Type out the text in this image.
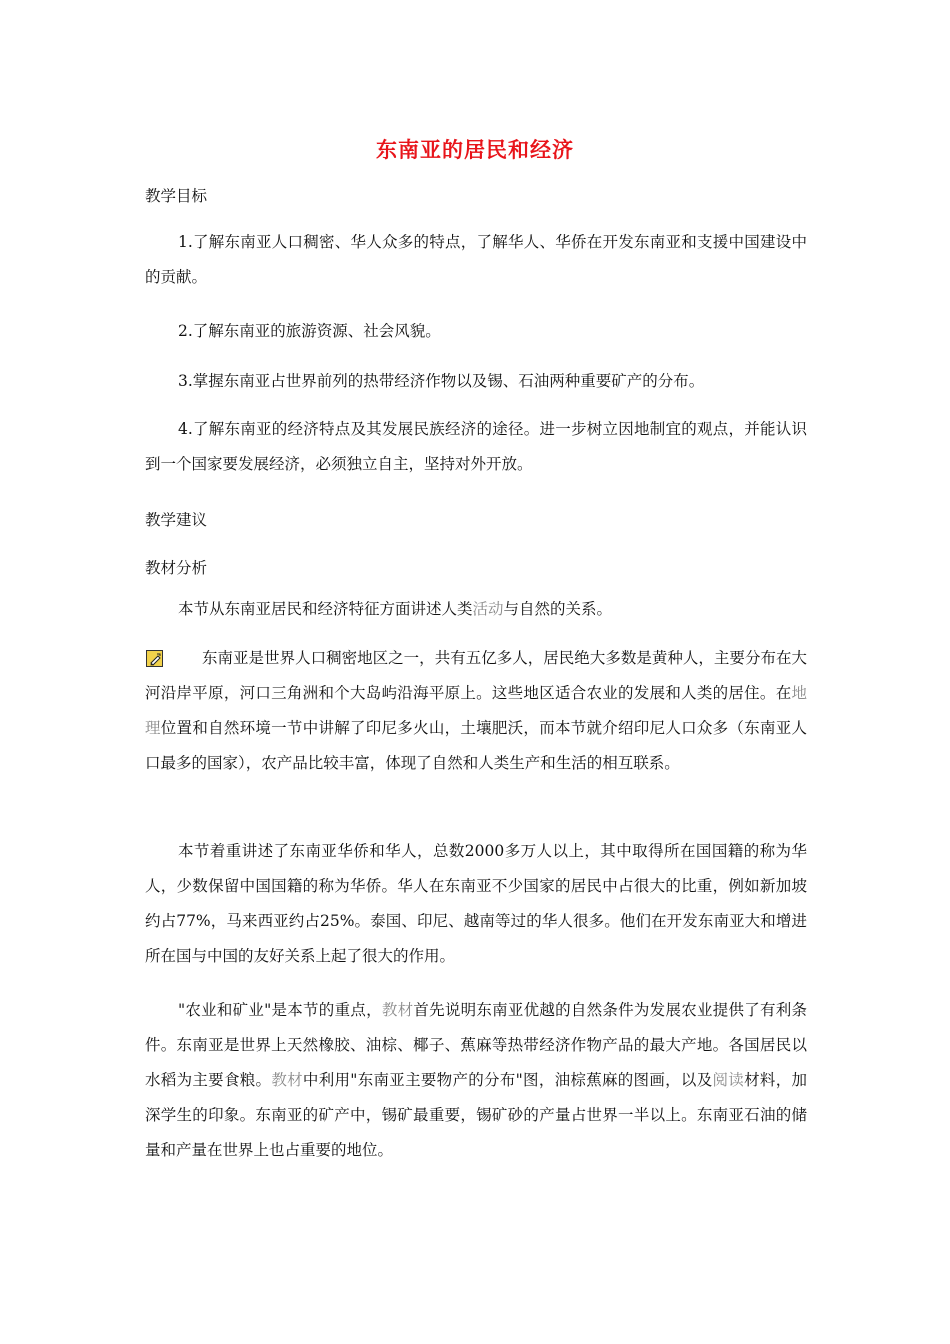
东南亚的居民和经济
教学目标
1.了解东南亚人口稠密、华人众多的特点，了解华人、华侨在开发东南亚和支援中国建设中的贡献。
2.了解东南亚的旅游资源、社会风貌。
3.掌握东南亚占世界前列的热带经济作物以及锡、石油两种重要矿产的分布。
4.了解东南亚的经济特点及其发展民族经济的途径。进一步树立因地制宜的观点，并能认识到一个国家要发展经济，必须独立自主，坚持对外开放。
教学建议
教材分析
本节从东南亚居民和经济特征方面讲述人类活动与自然的关系。
东南亚是世界人口稠密地区之一，共有五亿多人，居民绝大多数是黄种人，主要分布在大河沿岸平原，河口三角洲和个大岛屿沿海平原上。这些地区适合农业的发展和人类的居住。在地理位置和自然环境一节中讲解了印尼多火山，土壤肥沃，而本节就介绍印尼人口众多（东南亚人口最多的国家），农产品比较丰富，体现了自然和人类生产和生活的相互联系。
本节着重讲述了东南亚华侨和华人，总数2000多万人以上，其中取得所在国国籍的称为华人，少数保留中国国籍的称为华侨。华人在东南亚不少国家的居民中占很大的比重，例如新加坡约占77%，马来西亚约占25%。泰国、印尼、越南等过的华人很多。他们在开发东南亚大和增进所在国与中国的友好关系上起了很大的作用。
"农业和矿业"是本节的重点，教材首先说明东南亚优越的自然条件为发展农业提供了有利条件。东南亚是世界上天然橡胶、油棕、椰子、蕉麻等热带经济作物产品的最大产地。各国居民以水稻为主要食粮。教材中利用"东南亚主要物产的分布"图，油棕蕉麻的图画，以及阅读材料，加深学生的印象。东南亚的矿产中，锡矿最重要，锡矿砂的产量占世界一半以上。东南亚石油的储量和产量在世界上也占重要的地位。
